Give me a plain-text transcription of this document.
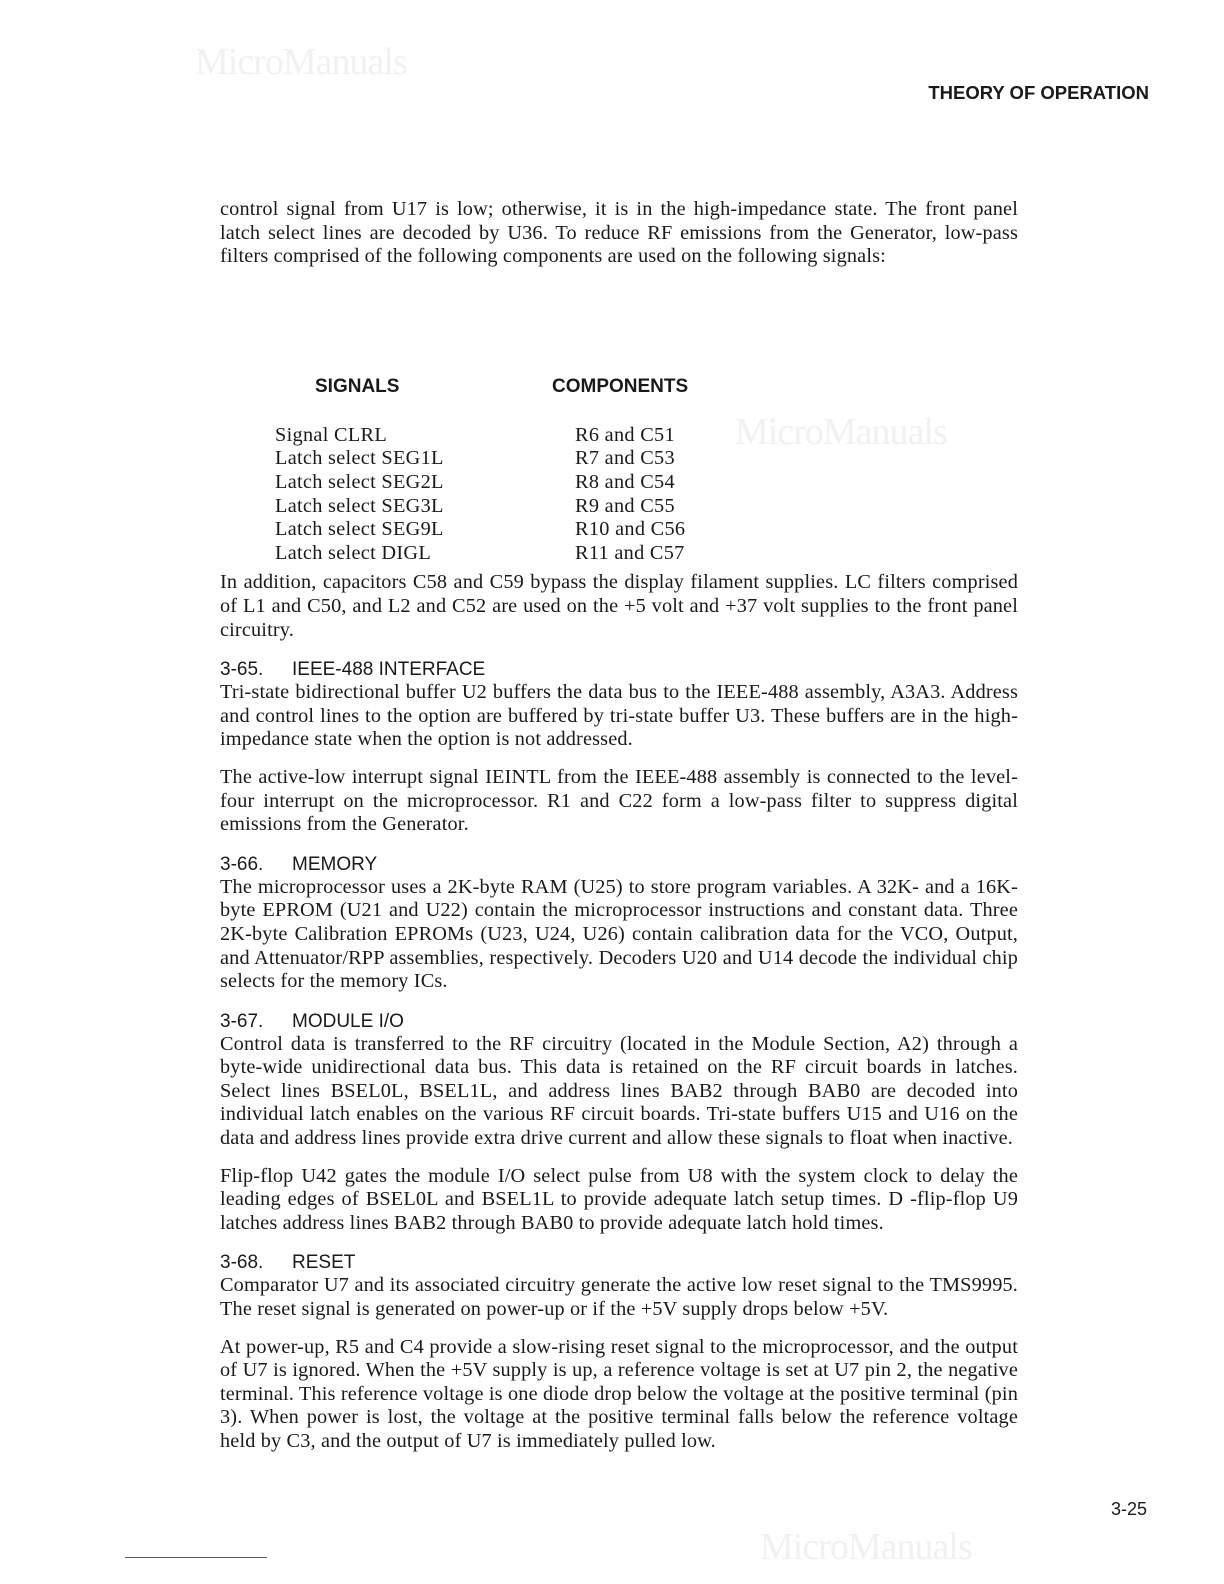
MicroManuals
MicroManuals
MicroManuals
THEORY OF OPERATION

control signal from U17 is low; otherwise, it is in the high-impedance state. The front panel latch select lines are decoded by U36. To reduce RF emissions from the Generator, low-pass filters comprised of the following components are used on the following signals:

SIGNALS	COMPONENTS
Signal CLRL	R6 and C51
Latch select SEG1L	R7 and C53
Latch select SEG2L	R8 and C54
Latch select SEG3L	R9 and C55
Latch select SEG9L	R10 and C56
Latch select DIGL	R11 and C57

In addition, capacitors C58 and C59 bypass the display filament supplies. LC filters comprised of L1 and C50, and L2 and C52 are used on the +5 volt and +37 volt supplies to the front panel circuitry.

3-65. IEEE-488 INTERFACE

Tri-state bidirectional buffer U2 buffers the data bus to the IEEE-488 assembly, A3A3. Address and control lines to the option are buffered by tri-state buffer U3. These buffers are in the high-impedance state when the option is not addressed.

The active-low interrupt signal IEINTL from the IEEE-488 assembly is connected to the level-four interrupt on the microprocessor. R1 and C22 form a low-pass filter to suppress digital emissions from the Generator.

3-66. MEMORY

The microprocessor uses a 2K-byte RAM (U25) to store program variables. A 32K- and a 16K-byte EPROM (U21 and U22) contain the microprocessor instructions and constant data. Three 2K-byte Calibration EPROMs (U23, U24, U26) contain calibration data for the VCO, Output, and Attenuator/RPP assemblies, respectively. Decoders U20 and U14 decode the individual chip selects for the memory ICs.

3-67. MODULE I/O

Control data is transferred to the RF circuitry (located in the Module Section, A2) through a byte-wide unidirectional data bus. This data is retained on the RF circuit boards in latches. Select lines BSEL0L, BSEL1L, and address lines BAB2 through BAB0 are decoded into individual latch enables on the various RF circuit boards. Tri-state buffers U15 and U16 on the data and address lines provide extra drive current and allow these signals to float when inactive.

Flip-flop U42 gates the module I/O select pulse from U8 with the system clock to delay the leading edges of BSEL0L and BSEL1L to provide adequate latch setup times. D -flip-flop U9 latches address lines BAB2 through BAB0 to provide adequate latch hold times.

3-68. RESET

Comparator U7 and its associated circuitry generate the active low reset signal to the TMS9995. The reset signal is generated on power-up or if the +5V supply drops below +5V.

At power-up, R5 and C4 provide a slow-rising reset signal to the microprocessor, and the output of U7 is ignored. When the +5V supply is up, a reference voltage is set at U7 pin 2, the negative terminal. This reference voltage is one diode drop below the voltage at the positive terminal (pin 3). When power is lost, the voltage at the positive terminal falls below the reference voltage held by C3, and the output of U7 is immediately pulled low.

3-25
